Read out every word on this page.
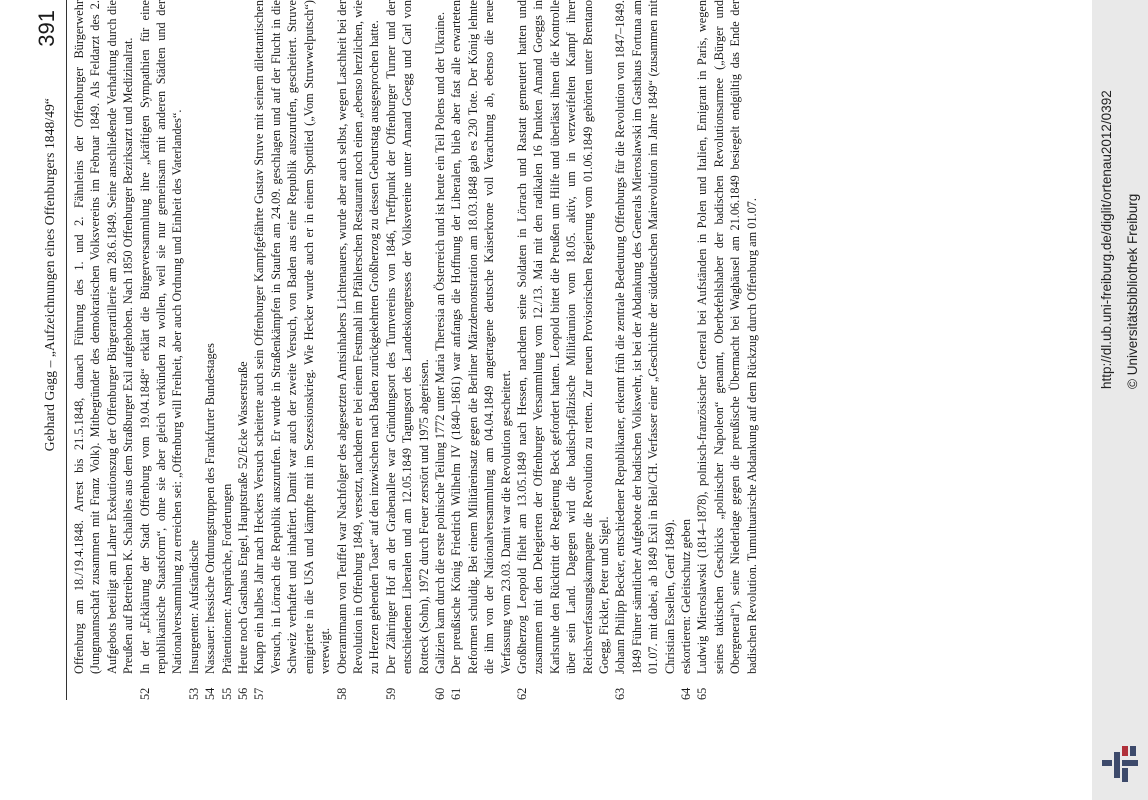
Gebhard Gagg – „Aufzeichnungen eines Offenburgers 1848/49“
391 Offenburg am 18./19.4.1848. Arrest bis 21.5.1848, danach Führung des 1. und 2. Fähnleins der Offenburger Bürgerwehr (Jungmannschaft zusammen mit Franz Volk). Mitbegründer des demokratischen Volksvereins im Februar 1849. Als Feldarzt des 2. Aufgebots beteiligt am Lahrer Exekutionszug der Offenburger Bürgerartillerie am 28.6.1849. Seine anschließende Verhaftung durch die Preußen auf Betreiben K. Schaibles aus dem Straßburger Exil aufgehoben. Nach 1850 Offenburger Bezirksarzt und Medizinalrat.
52
In der „Erklärung der Stadt Offenburg vom 19.04.1848“ erklärt die Bürgerversammlung ihre „kräftigen Sympathien für eine republikanische Staatsform“, ohne sie aber gleich verkünden zu wollen, weil sie nur gemeinsam mit anderen Städten und der Nationalversammlung zu erreichen sei: „Offenburg will Freiheit, aber auch Ordnung und Einheit des Vaterlandes“.
53
Insurgenten: Aufständische
54
Nassauer: hessische Ordnungstruppen des Frankfurter Bundestages
55
Prätentionen: Ansprüche, Forderungen
56
Heute noch Gasthaus Engel, Hauptstraße 52/Ecke Wasserstraße
57
Knapp ein halbes Jahr nach Heckers Versuch scheiterte auch sein Offenburger Kampfgefährte Gustav Struve mit seinem dilettantischen Versuch, in Lörrach die Republik auszurufen. Er wurde in Straßenkämpfen in Staufen am 24.09. geschlagen und auf der Flucht in die Schweiz verhaftet und inhaftiert. Damit war auch der zweite Versuch, von Baden aus eine Republik auszurufen, gescheitert. Struve emigrierte in die USA und kämpfte mit im Sezessionskrieg. Wie Hecker wurde auch er in einem Spottlied („Vom Struwwelputsch“) verewigt.
58
Oberamtmann von Teuffel war Nachfolger des abgesetzten Amtsinhabers Lichtenauers, wurde aber auch selbst, wegen Laschheit bei der Revolution in Offenburg 1849, versetzt, nachdem er bei einem Festmahl im Pfählerschen Restaurant noch einen „ebenso herzlichen, wie zu Herzen gehenden Toast“ auf den inzwischen nach Baden zurückgekehrten Großherzog zu dessen Geburtstag ausgesprochen hatte.
59
Der Zähringer Hof an der Grabenallee war Gründungsort des Turnvereins von 1846, Treffpunkt der Offenburger Turner und der entschiedenen Liberalen und am 12.05.1849 Tagungsort des Landeskongresses der Volksvereine unter Amand Goegg und Carl von Rotteck (Sohn), 1972 durch Feuer zerstört und 1975 abgerissen.
60
Galizien kam durch die erste polnische Teilung 1772 unter Maria Theresia an Österreich und ist heute ein Teil Polens und der Ukraine.
61
Der preußische König Friedrich Wilhelm IV (1840–1861) war anfangs die Hoffnung der Liberalen, blieb aber fast alle erwarteten Reformen schuldig. Bei einem Militäreinsatz gegen die Berliner Märzdemonstration am 18.03.1848 gab es 230 Tote. Der König lehnte die ihm von der Nationalversammlung am 04.04.1849 angetragene deutsche Kaiserkrone voll Verachtung ab, ebenso die neue Verfassung vom 23.03. Damit war die Revolution gescheitert.
62
Großherzog Leopold flieht am 13.05.1849 nach Hessen, nachdem seine Soldaten in Lörrach und Rastatt gemeutert hatten und zusammen mit den Delegierten der Offenburger Versammlung vom 12./13. Mai mit den radikalen 16 Punkten Amand Goeggs in Karlsruhe den Rücktritt der Regierung Beck gefordert hatten. Leopold bittet die Preußen um Hilfe und überlässt ihnen die Kontrolle über sein Land. Dagegen wird die badisch-pfälzische Militärunion vom 18.05. aktiv, um in verzweifelten Kampf ihrer Reichsverfassungskampagne die Revolution zu retten. Zur neuen Provisorischen Regierung vom 01.06.1849 gehörten unter Brentano Goegg, Fickler, Peter und Sigel.
63
Johann Philipp Becker, entschiedener Republikaner, erkennt früh die zentrale Bedeutung Offenburgs für die Revolution von 1847–1849. 1849 Führer sämtlicher Aufgebote der badischen Volkswehr, ist bei der Abdankung des Generals Mieroslawski im Gasthaus Fortuna am 01.07. mit dabei, ab 1849 Exil in Biel/CH. Verfasser einer „Geschichte der süddeutschen Mairevolution im Jahre 1849“ (zusammen mit Christian Essellen, Genf 1849).
64
eskortieren: Geleitschutz geben
65
Ludwig Mieroslawski (1814–1878), polnisch-französischer General bei Aufständen in Polen und Italien, Emigrant in Paris, wegen seines taktischen Geschicks „polnischer Napoleon“ genannt, Oberbefehlshaber der badischen Revolutionsarmee („Bürger und Obergeneral“), seine Niederlage gegen die preußische Übermacht bei Waghäusel am 21.06.1849 besiegelt endgültig das Ende der badischen Revolution. Tumultuarische Abdankung auf dem Rückzug durch Offenburg am 01.07.	http://dl.ub.uni-freiburg.de/diglit/ortenau2012/0392 © Universitätsbibliothek Freiburg
